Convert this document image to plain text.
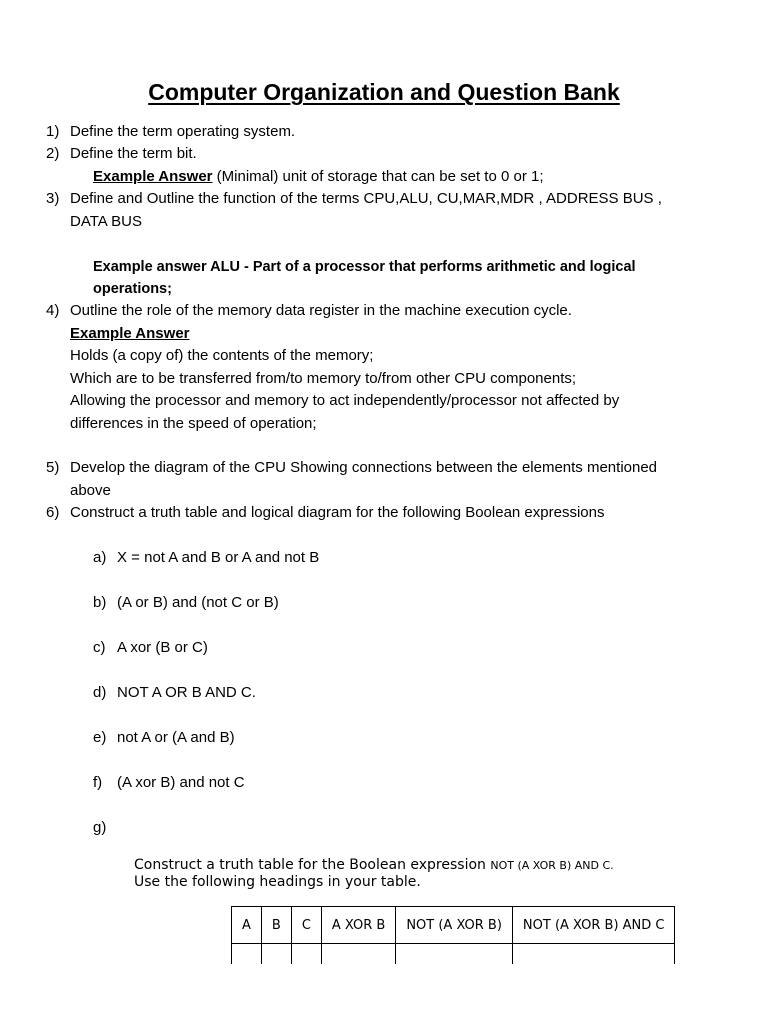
Computer Organization and Question Bank
1) Define the term operating system.
2) Define the term bit.
Example Answer (Minimal) unit of storage that can be set to 0 or 1;
3) Define and Outline the function of the terms CPU,ALU, CU,MAR,MDR , ADDRESS BUS ,
DATA BUS
Example answer ALU - Part of a processor that performs arithmetic and logical
operations;
4) Outline the role of the memory data register in the machine execution cycle.
Example Answer
Holds (a copy of) the contents of the memory;
Which are to be transferred from/to memory to/from other CPU components;
Allowing the processor and memory to act independently/processor not affected by
differences in the speed of operation;
5) Develop the diagram of the CPU Showing connections between the elements mentioned
above
6) Construct a truth table and logical diagram for the following Boolean expressions
a) X = not A and B or A and not B
b) (A or B) and (not C or B)
c) A xor (B or C)
d) NOT A OR B AND C.
e) not A or (A and B)
f) (A xor B) and not C
g)
Construct a truth table for the Boolean expression NOT (A XOR B) AND C.
Use the following headings in your table.
A	B	C	A XOR B	NOT (A XOR B)	NOT (A XOR B) AND C
